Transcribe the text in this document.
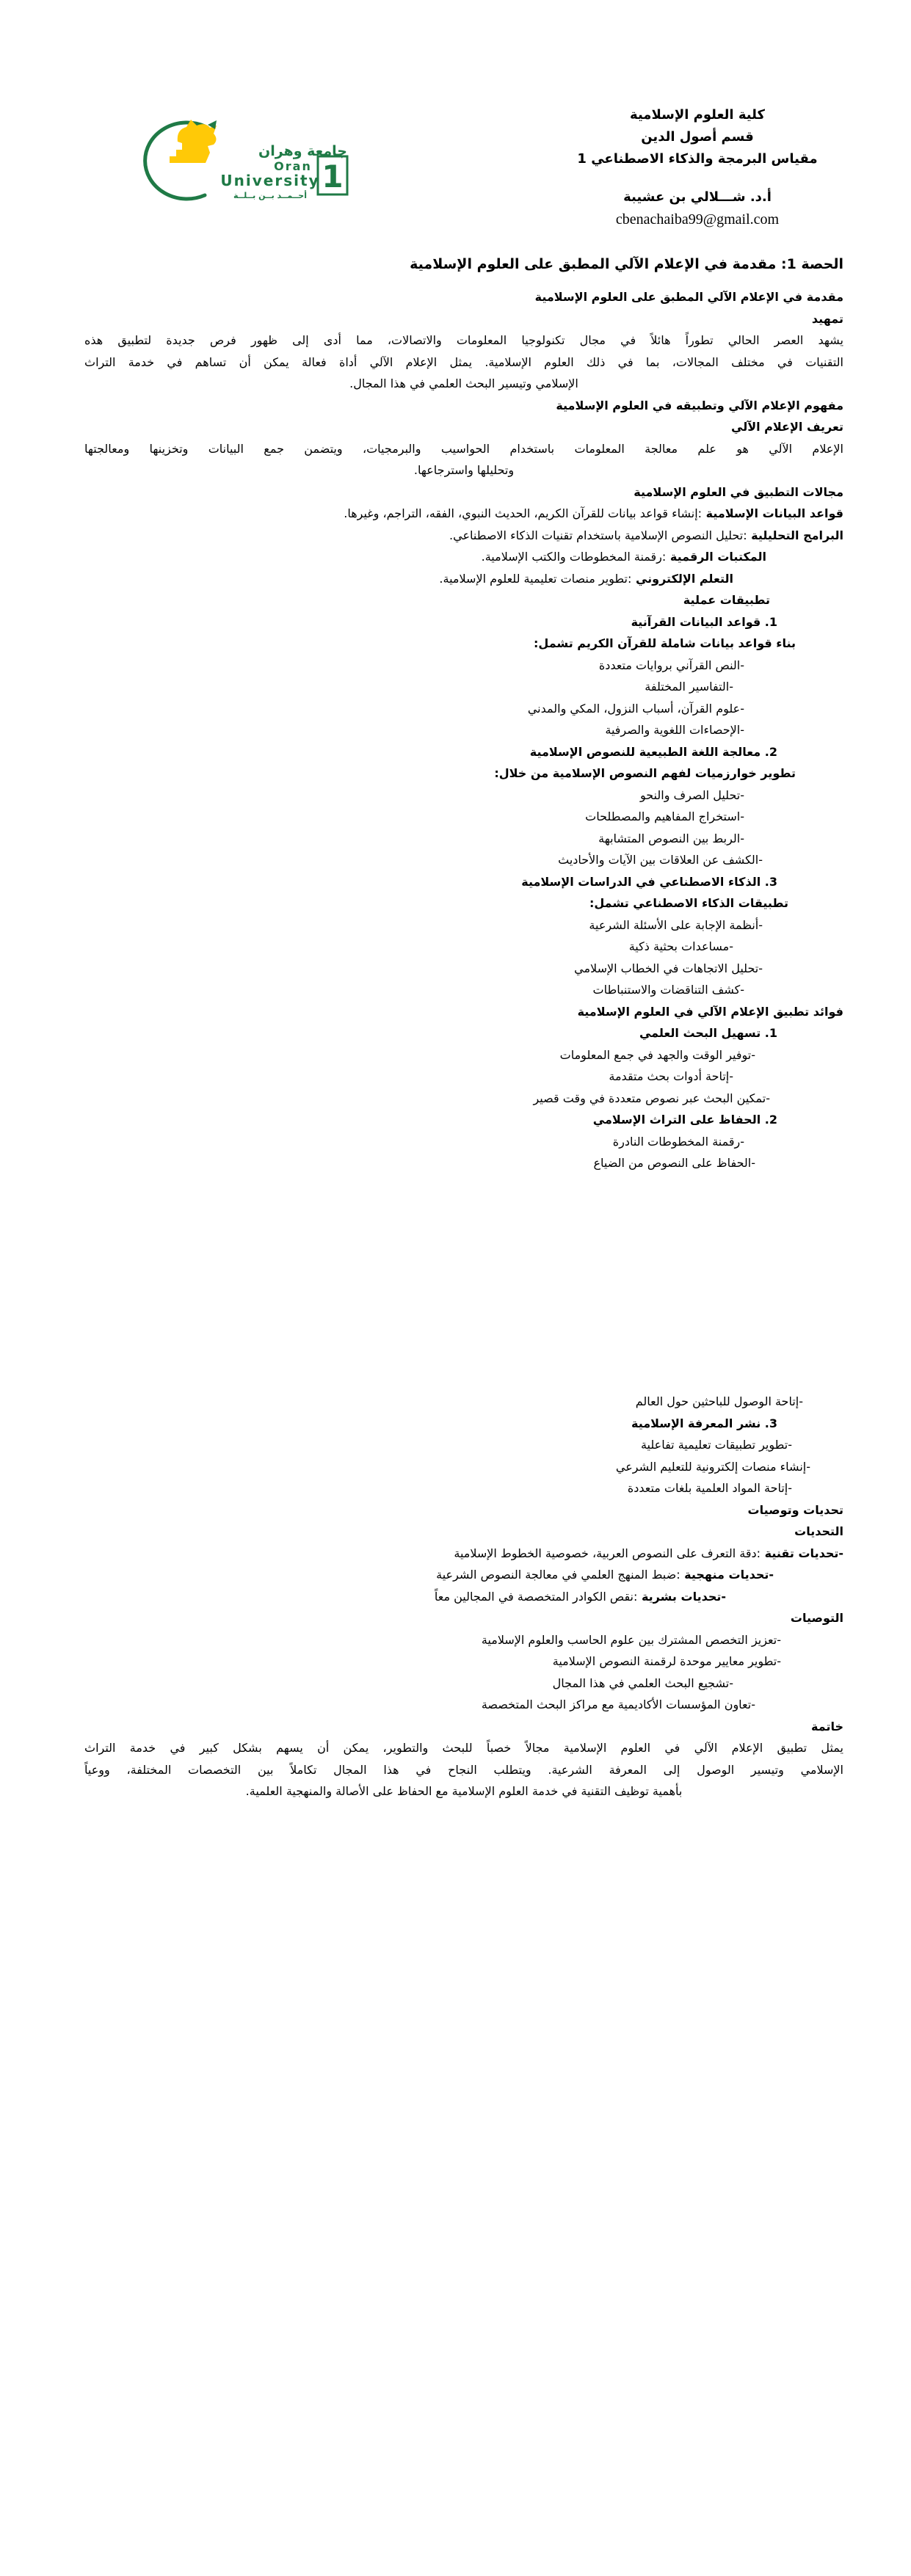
جامعة وهران
Oran
University
أحــمــد بــن بــلــة
1
كلية العلوم الإسلامية
قسم أصول الدين
مقياس البرمجة والذكاء الاصطناعي 1
أ.د. شـــلالي بن عشيبة
cbenachaiba99@gmail.com
الحصة 1: مقدمة في الإعلام الآلي المطبق على العلوم الإسلامية
مقدمة في الإعلام الآلي المطبق على العلوم الإسلامية
تمهيد
يشهد العصر الحالي تطوراً هائلاً في مجال تكنولوجيا المعلومات والاتصالات، مما أدى إلى ظهور فرص جديدة لتطبيق هذه
التقنيات في مختلف المجالات، بما في ذلك العلوم الإسلامية. يمثل الإعلام الآلي أداة فعالة يمكن أن تساهم في خدمة التراث
الإسلامي وتيسير البحث العلمي في هذا المجال.
مفهوم الإعلام الآلي وتطبيقه في العلوم الإسلامية
تعريف الإعلام الآلي
الإعلام الآلي هو علم معالجة المعلومات باستخدام الحواسيب والبرمجيات، ويتضمن جمع البيانات وتخزينها ومعالجتها
وتحليلها واسترجاعها.
مجالات التطبيق في العلوم الإسلامية
قواعد البيانات الإسلامية :إنشاء قواعد بيانات للقرآن الكريم، الحديث النبوي، الفقه، التراجم، وغيرها.
البرامج التحليلية :تحليل النصوص الإسلامية باستخدام تقنيات الذكاء الاصطناعي.
المكتبات الرقمية :رقمنة المخطوطات والكتب الإسلامية.
التعلم الإلكتروني :تطوير منصات تعليمية للعلوم الإسلامية.
تطبيقات عملية
1. قواعد البيانات القرآنية
بناء قواعد بيانات شاملة للقرآن الكريم تشمل:
-النص القرآني بروايات متعددة
-التفاسير المختلفة
-علوم القرآن، أسباب النزول، المكي والمدني
-الإحصاءات اللغوية والصرفية
2. معالجة اللغة الطبيعية للنصوص الإسلامية
تطوير خوارزميات لفهم النصوص الإسلامية من خلال:
-تحليل الصرف والنحو
-استخراج المفاهيم والمصطلحات
-الربط بين النصوص المتشابهة
-الكشف عن العلاقات بين الآيات والأحاديث
3. الذكاء الاصطناعي في الدراسات الإسلامية
تطبيقات الذكاء الاصطناعي تشمل:
-أنظمة الإجابة على الأسئلة الشرعية
-مساعدات بحثية ذكية
-تحليل الاتجاهات في الخطاب الإسلامي
-كشف التناقضات والاستنباطات
فوائد تطبيق الإعلام الآلي في العلوم الإسلامية
1. تسهيل البحث العلمي
-توفير الوقت والجهد في جمع المعلومات
-إتاحة أدوات بحث متقدمة
-تمكين البحث عبر نصوص متعددة في وقت قصير
2. الحفاظ على التراث الإسلامي
-رقمنة المخطوطات النادرة
-الحفاظ على النصوص من الضياع
-إتاحة الوصول للباحثين حول العالم
3. نشر المعرفة الإسلامية
-تطوير تطبيقات تعليمية تفاعلية
-إنشاء منصات إلكترونية للتعليم الشرعي
-إتاحة المواد العلمية بلغات متعددة
تحديات وتوصيات
التحديات
-تحديات تقنية :دقة التعرف على النصوص العربية، خصوصية الخطوط الإسلامية
-تحديات منهجية :ضبط المنهج العلمي في معالجة النصوص الشرعية
-تحديات بشرية :نقص الكوادر المتخصصة في المجالين معاً
التوصيات
-تعزيز التخصص المشترك بين علوم الحاسب والعلوم الإسلامية
-تطوير معايير موحدة لرقمنة النصوص الإسلامية
-تشجيع البحث العلمي في هذا المجال
-تعاون المؤسسات الأكاديمية مع مراكز البحث المتخصصة
خاتمة
يمثل تطبيق الإعلام الآلي في العلوم الإسلامية مجالاً خصباً للبحث والتطوير، يمكن أن يسهم بشكل كبير في خدمة التراث
الإسلامي وتيسير الوصول إلى المعرفة الشرعية. ويتطلب النجاح في هذا المجال تكاملاً بين التخصصات المختلفة، ووعياً
بأهمية توظيف التقنية في خدمة العلوم الإسلامية مع الحفاظ على الأصالة والمنهجية العلمية.
